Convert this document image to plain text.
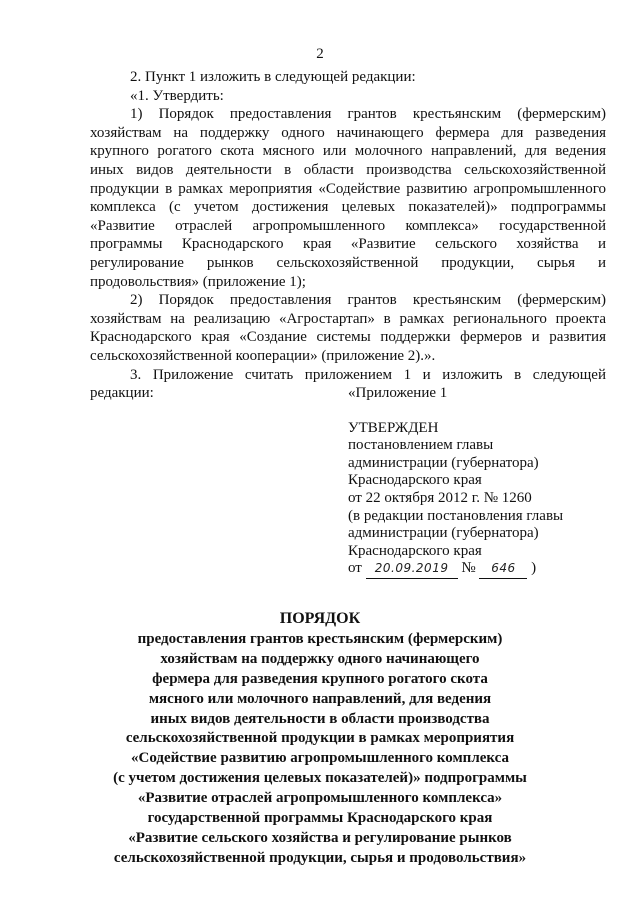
2

2. Пункт 1 изложить в следующей редакции:

«1. Утвердить:

1) Порядок предоставления грантов крестьянским (фермерским)

хозяйствам на поддержку одного начинающего фермера для разведения

крупного рогатого скота мясного или молочного направлений, для ведения

иных видов деятельности в области производства сельскохозяйственной

продукции в рамках мероприятия «Содействие развитию агропромышленного

комплекса (с учетом достижения целевых показателей)» подпрограммы

«Развитие отраслей агропромышленного комплекса» государственной

программы Краснодарского края «Развитие сельского хозяйства и

регулирование рынков сельскохозяйственной продукции, сырья и

продовольствия» (приложение 1);

2) Порядок предоставления грантов крестьянским (фермерским)

хозяйствам на реализацию «Агростартап» в рамках регионального проекта

Краснодарского края «Создание системы поддержки фермеров и развития

сельскохозяйственной кооперации» (приложение 2).».

3. Приложение считать приложением 1 и изложить в следующей

редакции:	«Приложение 1
УТВЕРЖДЕН
постановлением главы
администрации (губернатора)
Краснодарского края
от 22 октября 2012 г. № 1260
(в редакции постановления главы
администрации (губернатора)
Краснодарского края
от 20.09.2019 № 646 )
ПОРЯДОК
предоставления грантов крестьянским (фермерским)
хозяйствам на поддержку одного начинающего
фермера для разведения крупного рогатого скота
мясного или молочного направлений, для ведения
иных видов деятельности в области производства
сельскохозяйственной продукции в рамках мероприятия
«Содействие развитию агропромышленного комплекса
(с учетом достижения целевых показателей)» подпрограммы
«Развитие отраслей агропромышленного комплекса»
государственной программы Краснодарского края
«Развитие сельского хозяйства и регулирование рынков
сельскохозяйственной продукции, сырья и продовольствия»
